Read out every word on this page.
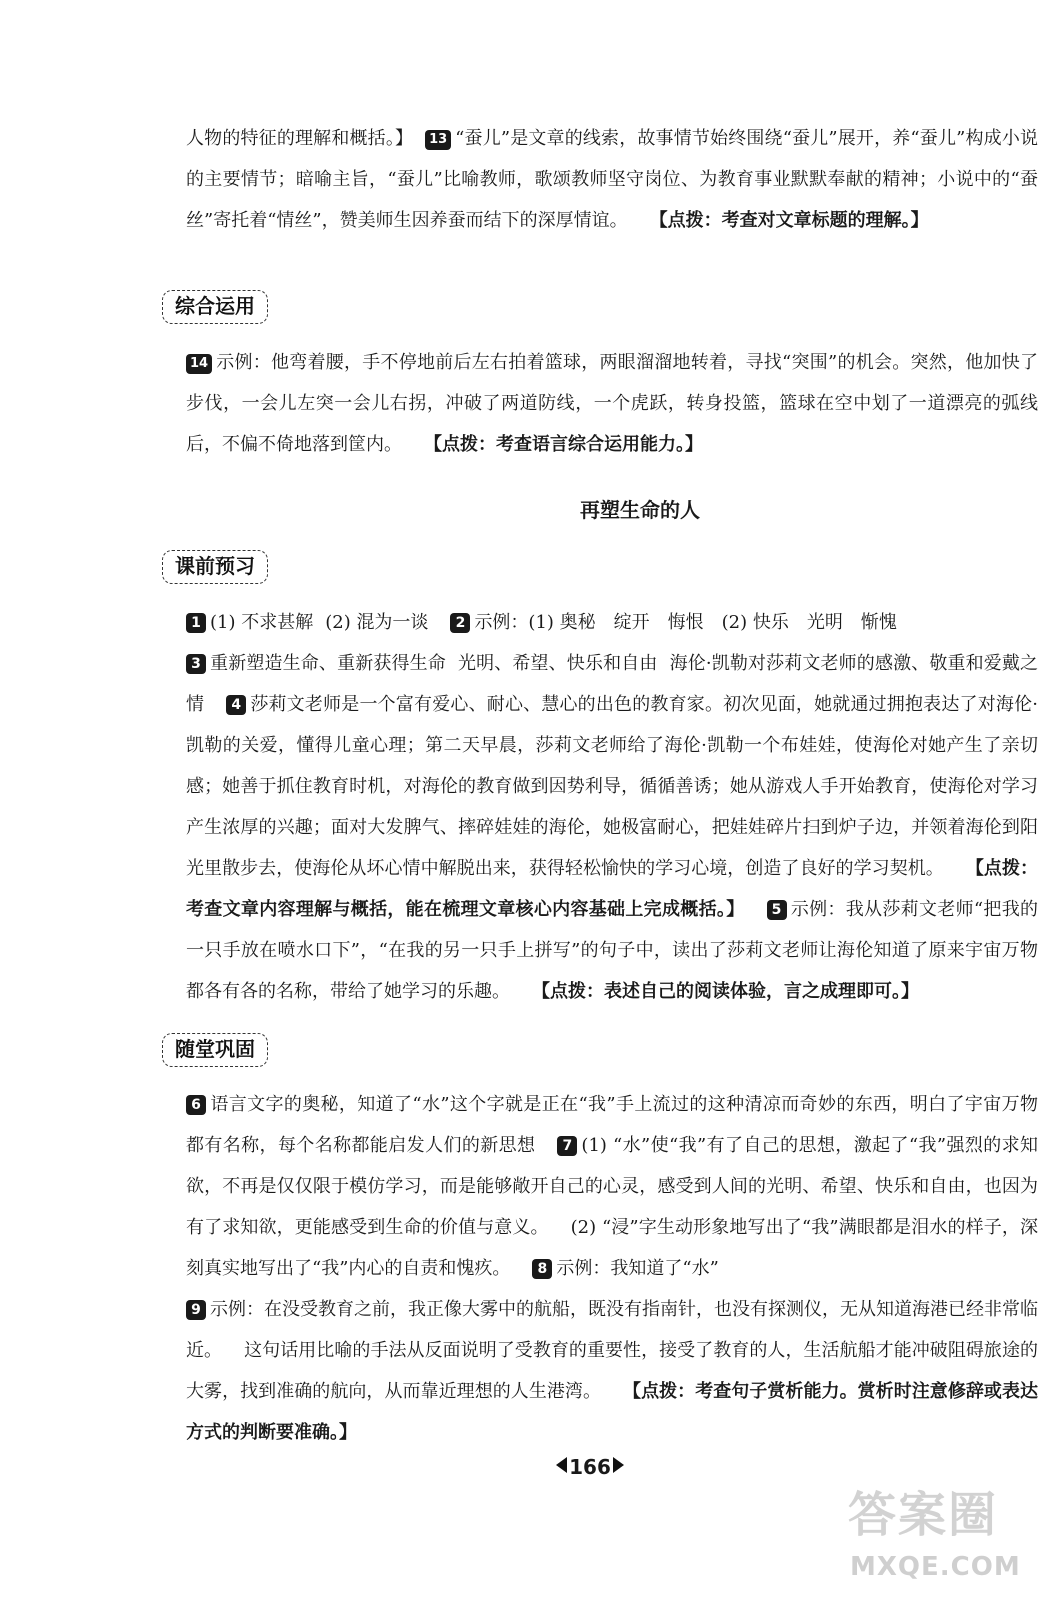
人物的特征的理解和概括。】 13 “蚕儿”是文章的线索，故事情节始终围绕“蚕儿”展开，养“蚕儿”构成小说的主要情节；暗喻主旨，“蚕儿”比喻教师，歌颂教师坚守岗位、为教育事业默默奉献的精神；小说中的“蚕丝”寄托着“情丝”，赞美师生因养蚕而结下的深厚情谊。 【点拨：考查对文章标题的理解。】

综合运用

14 示例：他弯着腰，手不停地前后左右拍着篮球，两眼溜溜地转着，寻找“突围”的机会。突然，他加快了步伐，一会儿左突一会儿右拐，冲破了两道防线，一个虎跃，转身投篮，篮球在空中划了一道漂亮的弧线后，不偏不倚地落到筐内。 【点拨：考查语言综合运用能力。】

再塑生命的人
课前预习

1 (1) 不求甚解 (2) 混为一谈 2 示例：(1) 奥秘　绽开　悔恨　(2) 快乐　光明　惭愧
3 重新塑造生命、重新获得生命 光明、希望、快乐和自由 海伦·凯勒对莎莉文老师的感激、敬重和爱戴之情 4 莎莉文老师是一个富有爱心、耐心、慧心的出色的教育家。初次见面，她就通过拥抱表达了对海伦·凯勒的关爱，懂得儿童心理；第二天早晨，莎莉文老师给了海伦·凯勒一个布娃娃，使海伦对她产生了亲切感；她善于抓住教育时机，对海伦的教育做到因势利导，循循善诱；她从游戏人手开始教育，使海伦对学习产生浓厚的兴趣；面对大发脾气、摔碎娃娃的海伦，她极富耐心，把娃娃碎片扫到炉子边，并领着海伦到阳光里散步去，使海伦从坏心情中解脱出来，获得轻松愉快的学习心境，创造了良好的学习契机。 【点拨：考查文章内容理解与概括，能在梳理文章核心内容基础上完成概括。】 5 示例：我从莎莉文老师“把我的一只手放在喷水口下”，“在我的另一只手上拼写”的句子中，读出了莎莉文老师让海伦知道了原来宇宙万物都各有各的名称，带给了她学习的乐趣。 【点拨：表述自己的阅读体验，言之成理即可。】

随堂巩固

6 语言文字的奥秘，知道了“水”这个字就是正在“我”手上流过的这种清凉而奇妙的东西，明白了宇宙万物都有名称，每个名称都能启发人们的新思想 7 (1) “水”使“我”有了自己的思想，激起了“我”强烈的求知欲，不再是仅仅限于模仿学习，而是能够敞开自己的心灵，感受到人间的光明、希望、快乐和自由，也因为有了求知欲，更能感受到生命的价值与意义。 (2) “浸”字生动形象地写出了“我”满眼都是泪水的样子，深刻真实地写出了“我”内心的自责和愧疚。 8 示例：我知道了“水”
9 示例：在没受教育之前，我正像大雾中的航船，既没有指南针，也没有探测仪，无从知道海港已经非常临近。 这句话用比喻的手法从反面说明了受教育的重要性，接受了教育的人，生活航船才能冲破阻碍旅途的大雾，找到准确的航向，从而靠近理想的人生港湾。 【点拨：考查句子赏析能力。赏析时注意修辞或表达方式的判断要准确。】

166
答案圈
MXQE.COM
